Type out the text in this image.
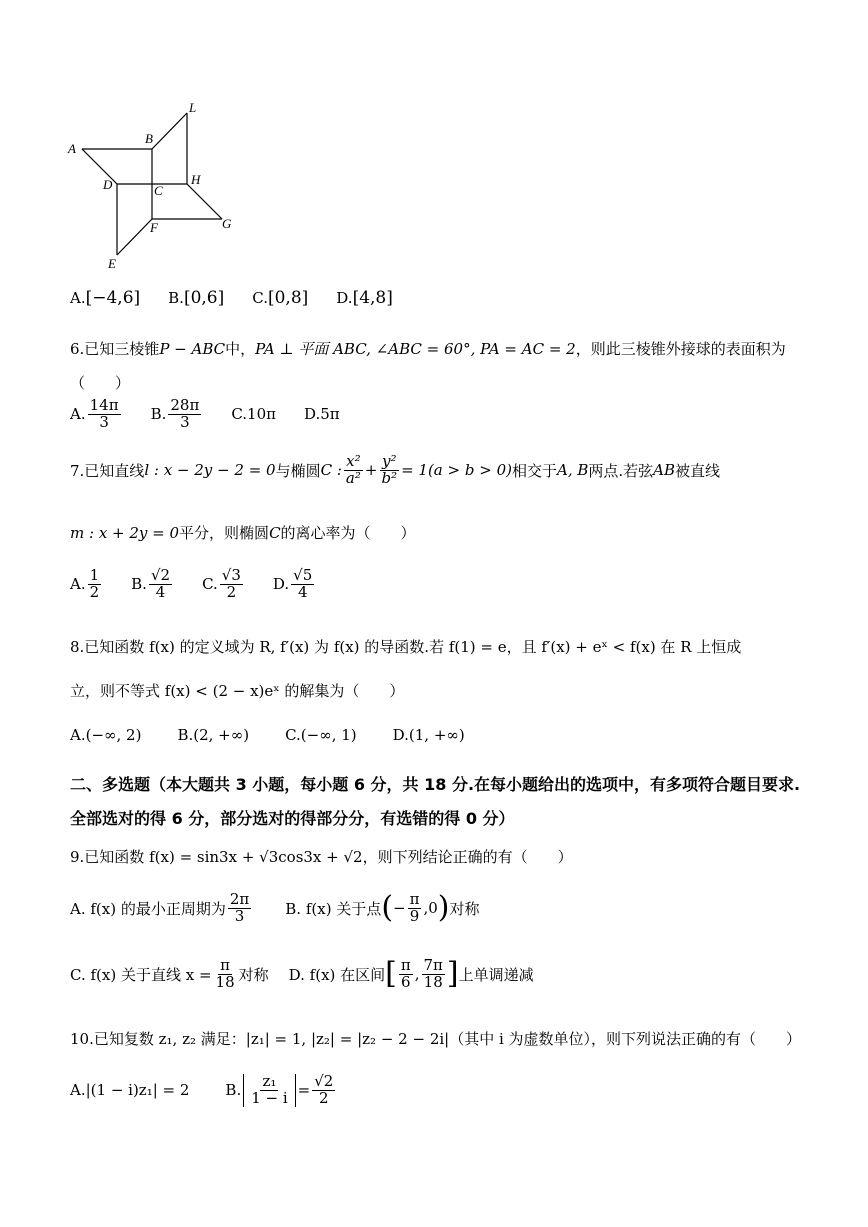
A
B
C
D
E
F	G
H
L
A. [−4,6] B. [0,6] C. [0,8] D. [4,8]
6.已知三棱锥 P − ABC 中， PA ⊥ 平面 ABC, ∠ABC = 60°, PA = AC = 2 ，则此三棱锥外接球的表面积为
（　　）
A. $\frac{14\pi}{3} B$. $\frac{28\pi}{3} C.10\pi$ D.5π
7.已知直线 l : x − 2y − 2 = 0 与椭圆 C : $\frac{\text{x²}}{\text{a²}} + \frac{\text{y²}}{\text{b²}} = 1(a > b > 0)$ 相交于 A, B 两点.若弦 AB 被直线
m : x + 2y = 0 平分，则椭圆 C 的离心率为（　　）
A. $\frac{1}{2} B$. $\frac{√2}{4} C$. $\frac{√3}{2} D$. $\frac{√5}{4}$
8.已知函数 f(x) 的定义域为 R, f′(x) 为 f(x) 的导函数.若 f(1) = e，且 f′(x) + eˣ < f(x) 在 R 上恒成
立，则不等式 f(x) < (2 − x)eˣ 的解集为（　　）
A.(−∞, 2) B.(2, +∞) C.(−∞, 1) D.(1, +∞)
二、多选题（本大题共 3 小题，每小题 6 分，共 18 分.在每小题给出的选项中，有多项符合题目要求.全部选对的得 6 分，部分选对的得部分分，有选错的得 0 分）
9.已知函数 f(x) = sin3x + √3cos3x + √2，则下列结论正确的有（　　）
A. f(x) 的最小正周期为 $\frac{2\pi}{3} B$. f(x) 关于点 ( − $\frac{\pi}{9} ,0$ ) 对称
C. f(x) 关于直线 $x = \frac{\pi}{18}$ 对称 D. f(x) 在区间 [ $\frac{\pi}{6}$ , $\frac{7\pi}{18}$ ] 上单调递减
10.已知复数 z₁, z₂ 满足：|z₁| = 1, |z₂| = |z₂ − 2 − 2i|（其中 i 为虚数单位），则下列说法正确的有（　　）
A.|(1 − i)z₁| = 2 B. $\frac{\text{z₁}}{1 - i} = \frac{√2}{2}$
